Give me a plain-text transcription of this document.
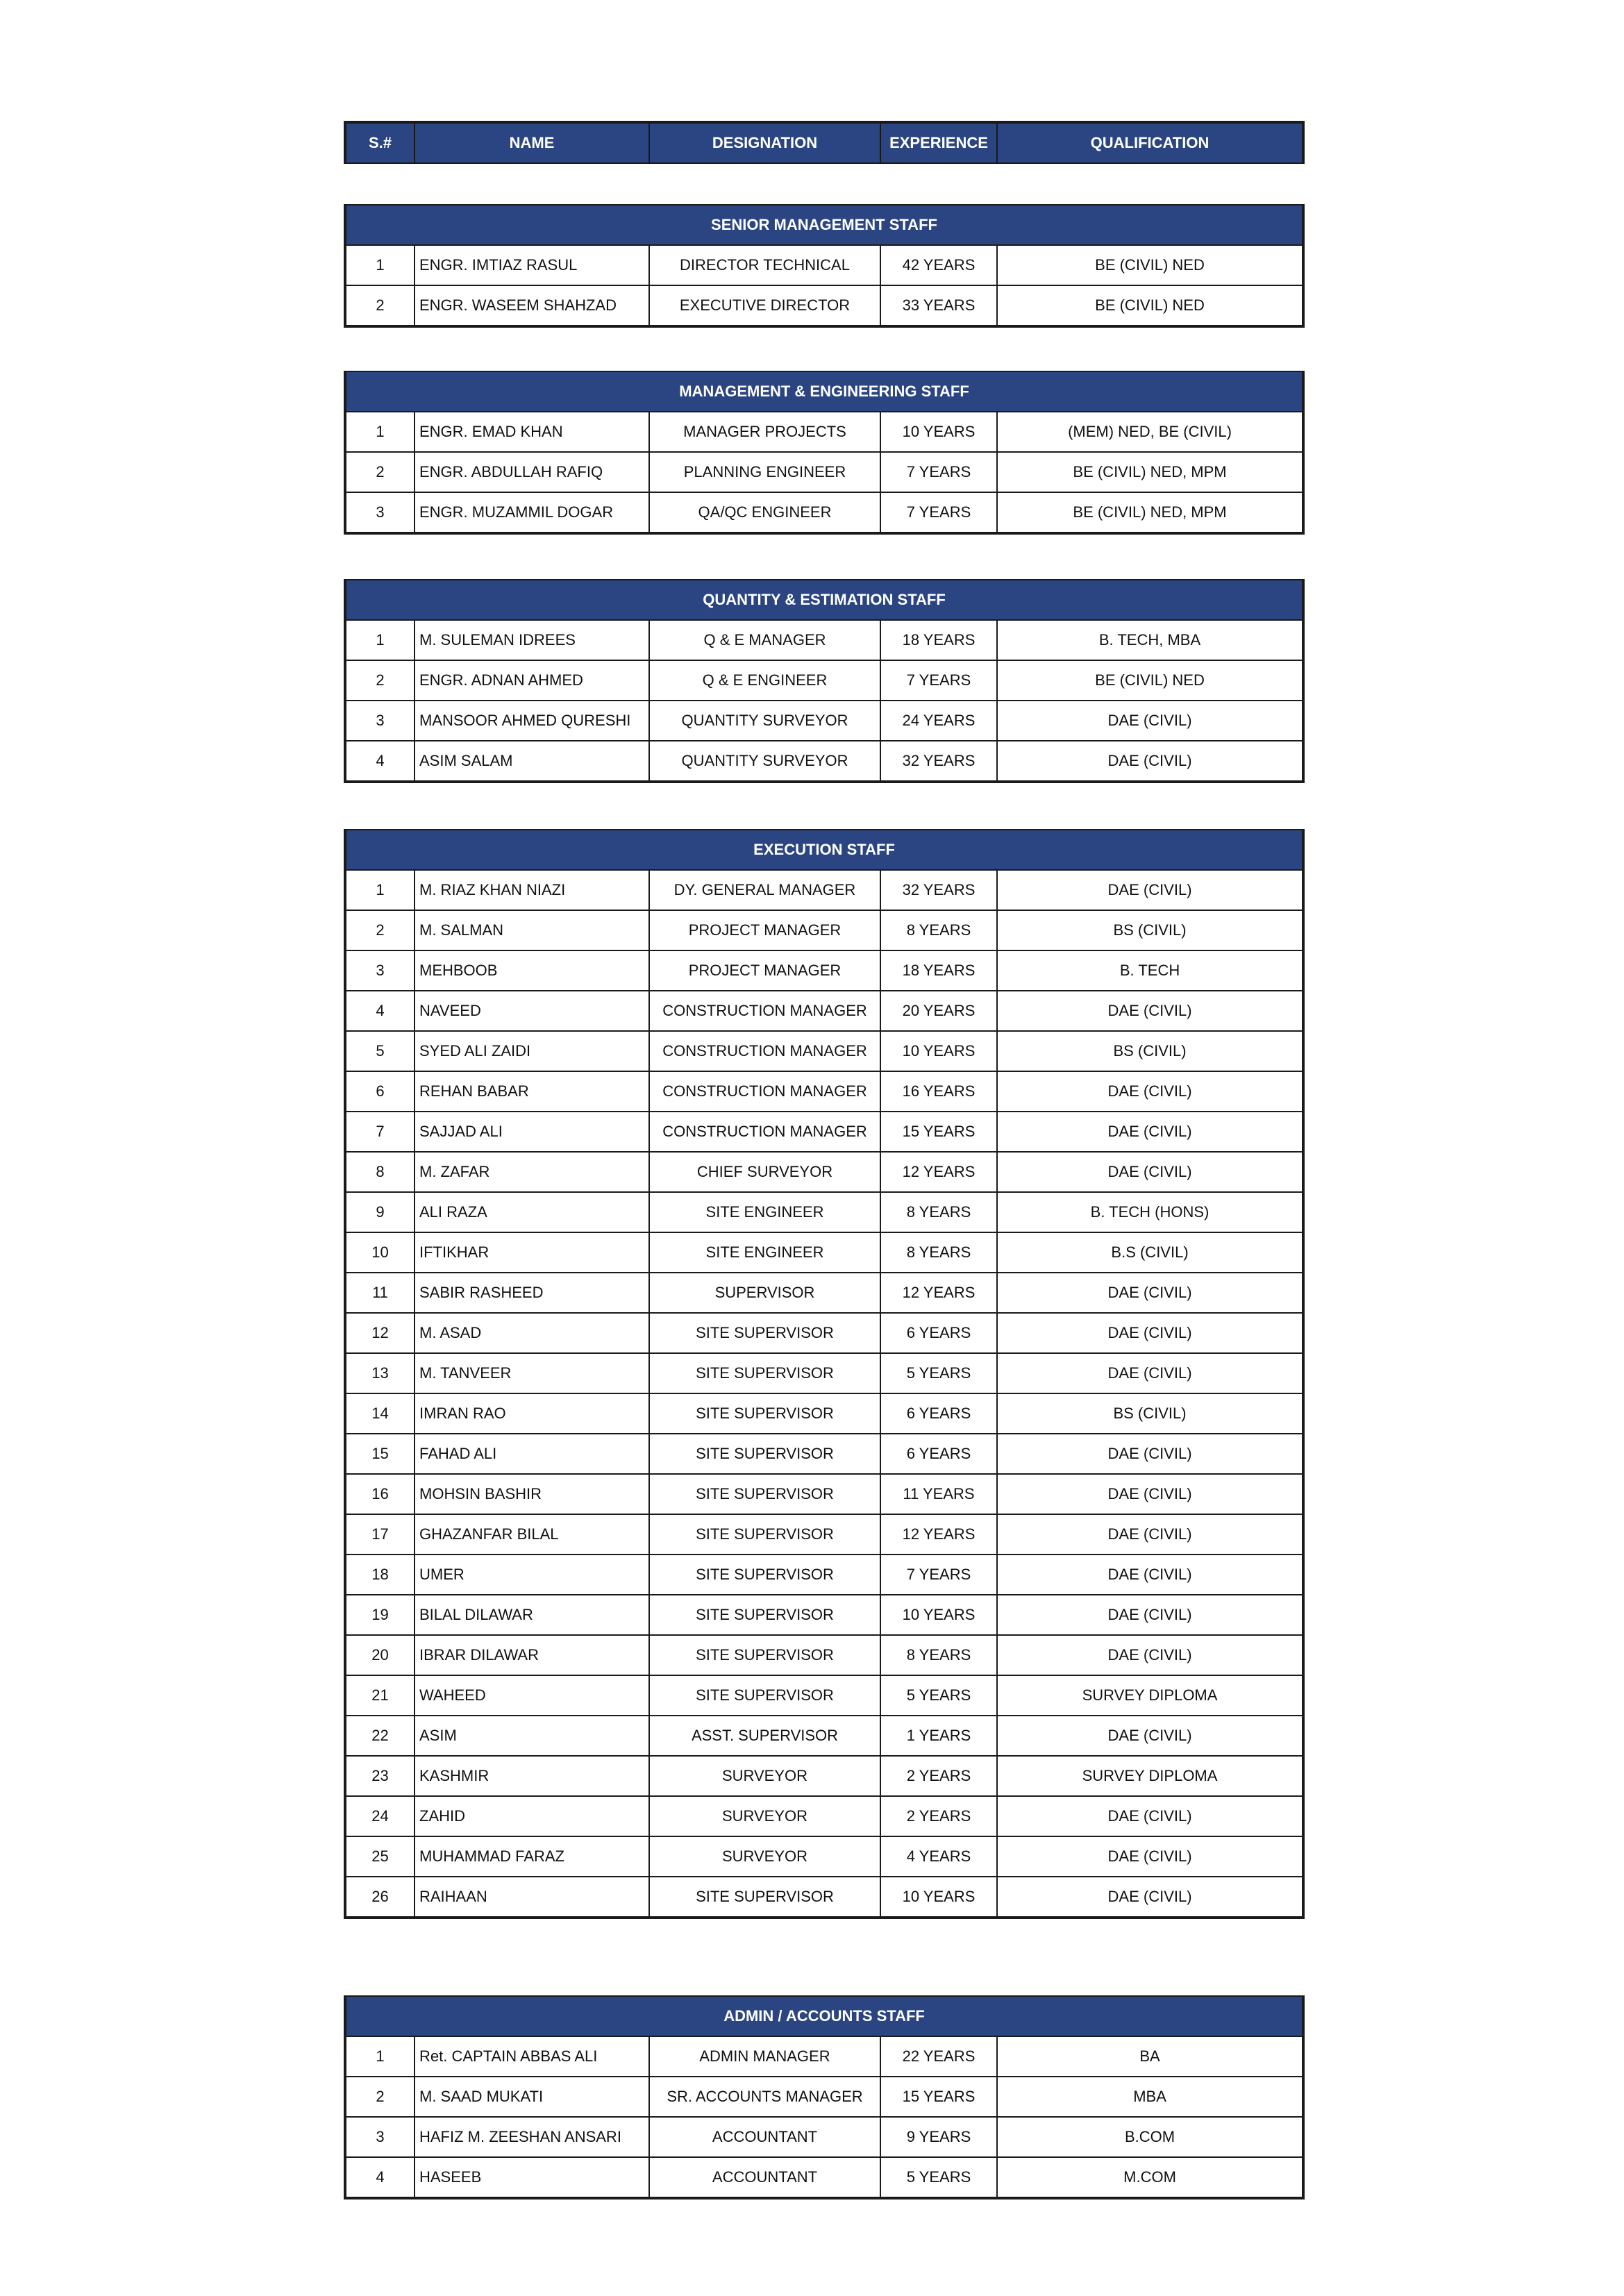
S.#	NAME	DESIGNATION	EXPERIENCE	QUALIFICATION
SENIOR MANAGEMENT STAFF				
1	ENGR. IMTIAZ RASUL	DIRECTOR TECHNICAL	42 YEARS	BE (CIVIL) NED
2	ENGR. WASEEM SHAHZAD	EXECUTIVE DIRECTOR	33 YEARS	BE (CIVIL) NED
MANAGEMENT & ENGINEERING STAFF				
1	ENGR. EMAD KHAN	MANAGER PROJECTS	10 YEARS	(MEM) NED, BE (CIVIL)
2	ENGR. ABDULLAH RAFIQ	PLANNING ENGINEER	7 YEARS	BE (CIVIL) NED, MPM
3	ENGR. MUZAMMIL DOGAR	QA/QC ENGINEER	7 YEARS	BE (CIVIL) NED, MPM
QUANTITY & ESTIMATION STAFF				
1	M. SULEMAN IDREES	Q & E MANAGER	18 YEARS	B. TECH, MBA
2	ENGR. ADNAN AHMED	Q & E ENGINEER	7 YEARS	BE (CIVIL) NED
3	MANSOOR AHMED QURESHI	QUANTITY SURVEYOR	24 YEARS	DAE (CIVIL)
4	ASIM SALAM	QUANTITY SURVEYOR	32 YEARS	DAE (CIVIL)
EXECUTION STAFF				
1	M. RIAZ KHAN NIAZI	DY. GENERAL MANAGER	32 YEARS	DAE (CIVIL)
2	M. SALMAN	PROJECT MANAGER	8 YEARS	BS (CIVIL)
3	MEHBOOB	PROJECT MANAGER	18 YEARS	B. TECH
4	NAVEED	CONSTRUCTION MANAGER	20 YEARS	DAE (CIVIL)
5	SYED ALI ZAIDI	CONSTRUCTION MANAGER	10 YEARS	BS (CIVIL)
6	REHAN BABAR	CONSTRUCTION MANAGER	16 YEARS	DAE (CIVIL)
7	SAJJAD ALI	CONSTRUCTION MANAGER	15 YEARS	DAE (CIVIL)
8	M. ZAFAR	CHIEF SURVEYOR	12 YEARS	DAE (CIVIL)
9	ALI RAZA	SITE ENGINEER	8 YEARS	B. TECH (HONS)
10	IFTIKHAR	SITE ENGINEER	8 YEARS	B.S (CIVIL)
11	SABIR RASHEED	SUPERVISOR	12 YEARS	DAE (CIVIL)
12	M. ASAD	SITE SUPERVISOR	6 YEARS	DAE (CIVIL)
13	M. TANVEER	SITE SUPERVISOR	5 YEARS	DAE (CIVIL)
14	IMRAN RAO	SITE SUPERVISOR	6 YEARS	BS (CIVIL)
15	FAHAD ALI	SITE SUPERVISOR	6 YEARS	DAE (CIVIL)
16	MOHSIN BASHIR	SITE SUPERVISOR	11 YEARS	DAE (CIVIL)
17	GHAZANFAR BILAL	SITE SUPERVISOR	12 YEARS	DAE (CIVIL)
18	UMER	SITE SUPERVISOR	7 YEARS	DAE (CIVIL)
19	BILAL DILAWAR	SITE SUPERVISOR	10 YEARS	DAE (CIVIL)
20	IBRAR DILAWAR	SITE SUPERVISOR	8 YEARS	DAE (CIVIL)
21	WAHEED	SITE SUPERVISOR	5 YEARS	SURVEY DIPLOMA
22	ASIM	ASST. SUPERVISOR	1 YEARS	DAE (CIVIL)
23	KASHMIR	SURVEYOR	2 YEARS	SURVEY DIPLOMA
24	ZAHID	SURVEYOR	2 YEARS	DAE (CIVIL)
25	MUHAMMAD FARAZ	SURVEYOR	4 YEARS	DAE (CIVIL)
26	RAIHAAN	SITE SUPERVISOR	10 YEARS	DAE (CIVIL)
ADMIN / ACCOUNTS STAFF				
1	Ret. CAPTAIN ABBAS ALI	ADMIN MANAGER	22 YEARS	BA
2	M. SAAD MUKATI	SR. ACCOUNTS MANAGER	15 YEARS	MBA
3	HAFIZ M. ZEESHAN ANSARI	ACCOUNTANT	9 YEARS	B.COM
4	HASEEB	ACCOUNTANT	5 YEARS	M.COM
